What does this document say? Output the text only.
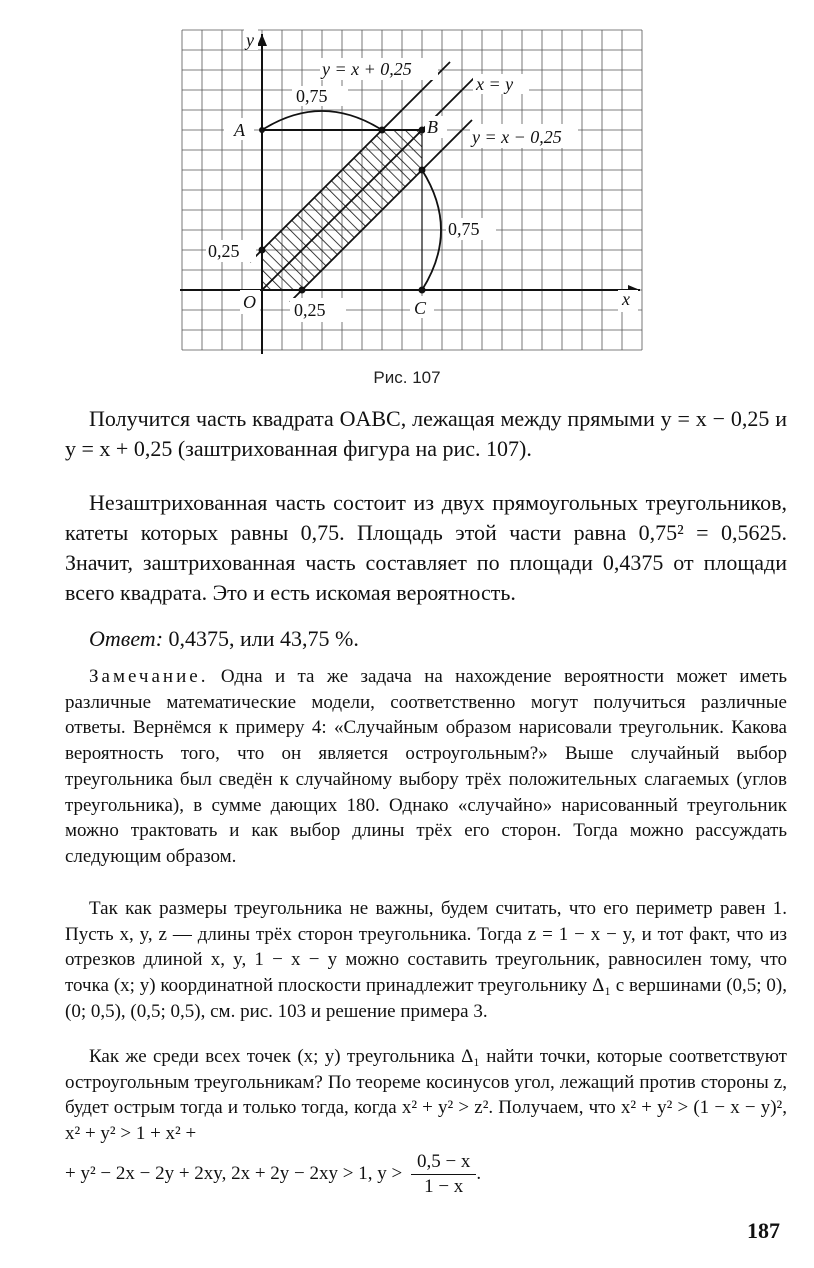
y = x + 0,25
x = y
y = x − 0,25
0,75
0,75
0,25
0,25
A	B
C
O
y
x
Рис. 107

Получится часть квадрата OABC, лежащая между прямыми y = x − 0,25 и y = x + 0,25 (заштрихованная фигура на рис. 107).

Незаштрихованная часть состоит из двух прямоугольных треугольников, катеты которых равны 0,75. Площадь этой части равна 0,75² = 0,5625. Значит, заштрихованная часть составляет по площади 0,4375 от площади всего квадрата. Это и есть искомая вероятность.

Ответ: 0,4375, или 43,75 %.

Замечание. Одна и та же задача на нахождение вероятности может иметь различные математические модели, соответственно могут получиться различные ответы. Вернёмся к примеру 4: «Случайным образом нарисовали треугольник. Какова вероятность того, что он является остроугольным?» Выше случайный выбор треугольника был сведён к случайному выбору трёх положительных слагаемых (углов треугольника), в сумме дающих 180. Однако «случайно» нарисованный треугольник можно трактовать и как выбор длины трёх его сторон. Тогда можно рассуждать следующим образом.

Так как размеры треугольника не важны, будем считать, что его периметр равен 1. Пусть x, y, z — длины трёх сторон треугольника. Тогда z = 1 − x − y, и тот факт, что из отрезков длиной x, y, 1 − x − y можно составить треугольник, равносилен тому, что точка (x; y) координатной плоскости принадлежит треугольнику Δ₁ с вершинами (0,5; 0), (0; 0,5), (0,5; 0,5), см. рис. 103 и решение примера 3.

Как же среди всех точек (x; y) треугольника Δ₁ найти точки, которые соответствуют остроугольным треугольникам? По теореме косинусов угол, лежащий против стороны z, будет острым тогда и только тогда, когда x² + y² > z². Получаем, что x² + y² > (1 − x − y)², x² + y² > 1 + x² +

+ y² − 2x − 2y + 2xy, 2x + 2y − 2xy > 1, $y > \frac{0,5 - x}{1 - x}$ .
187
